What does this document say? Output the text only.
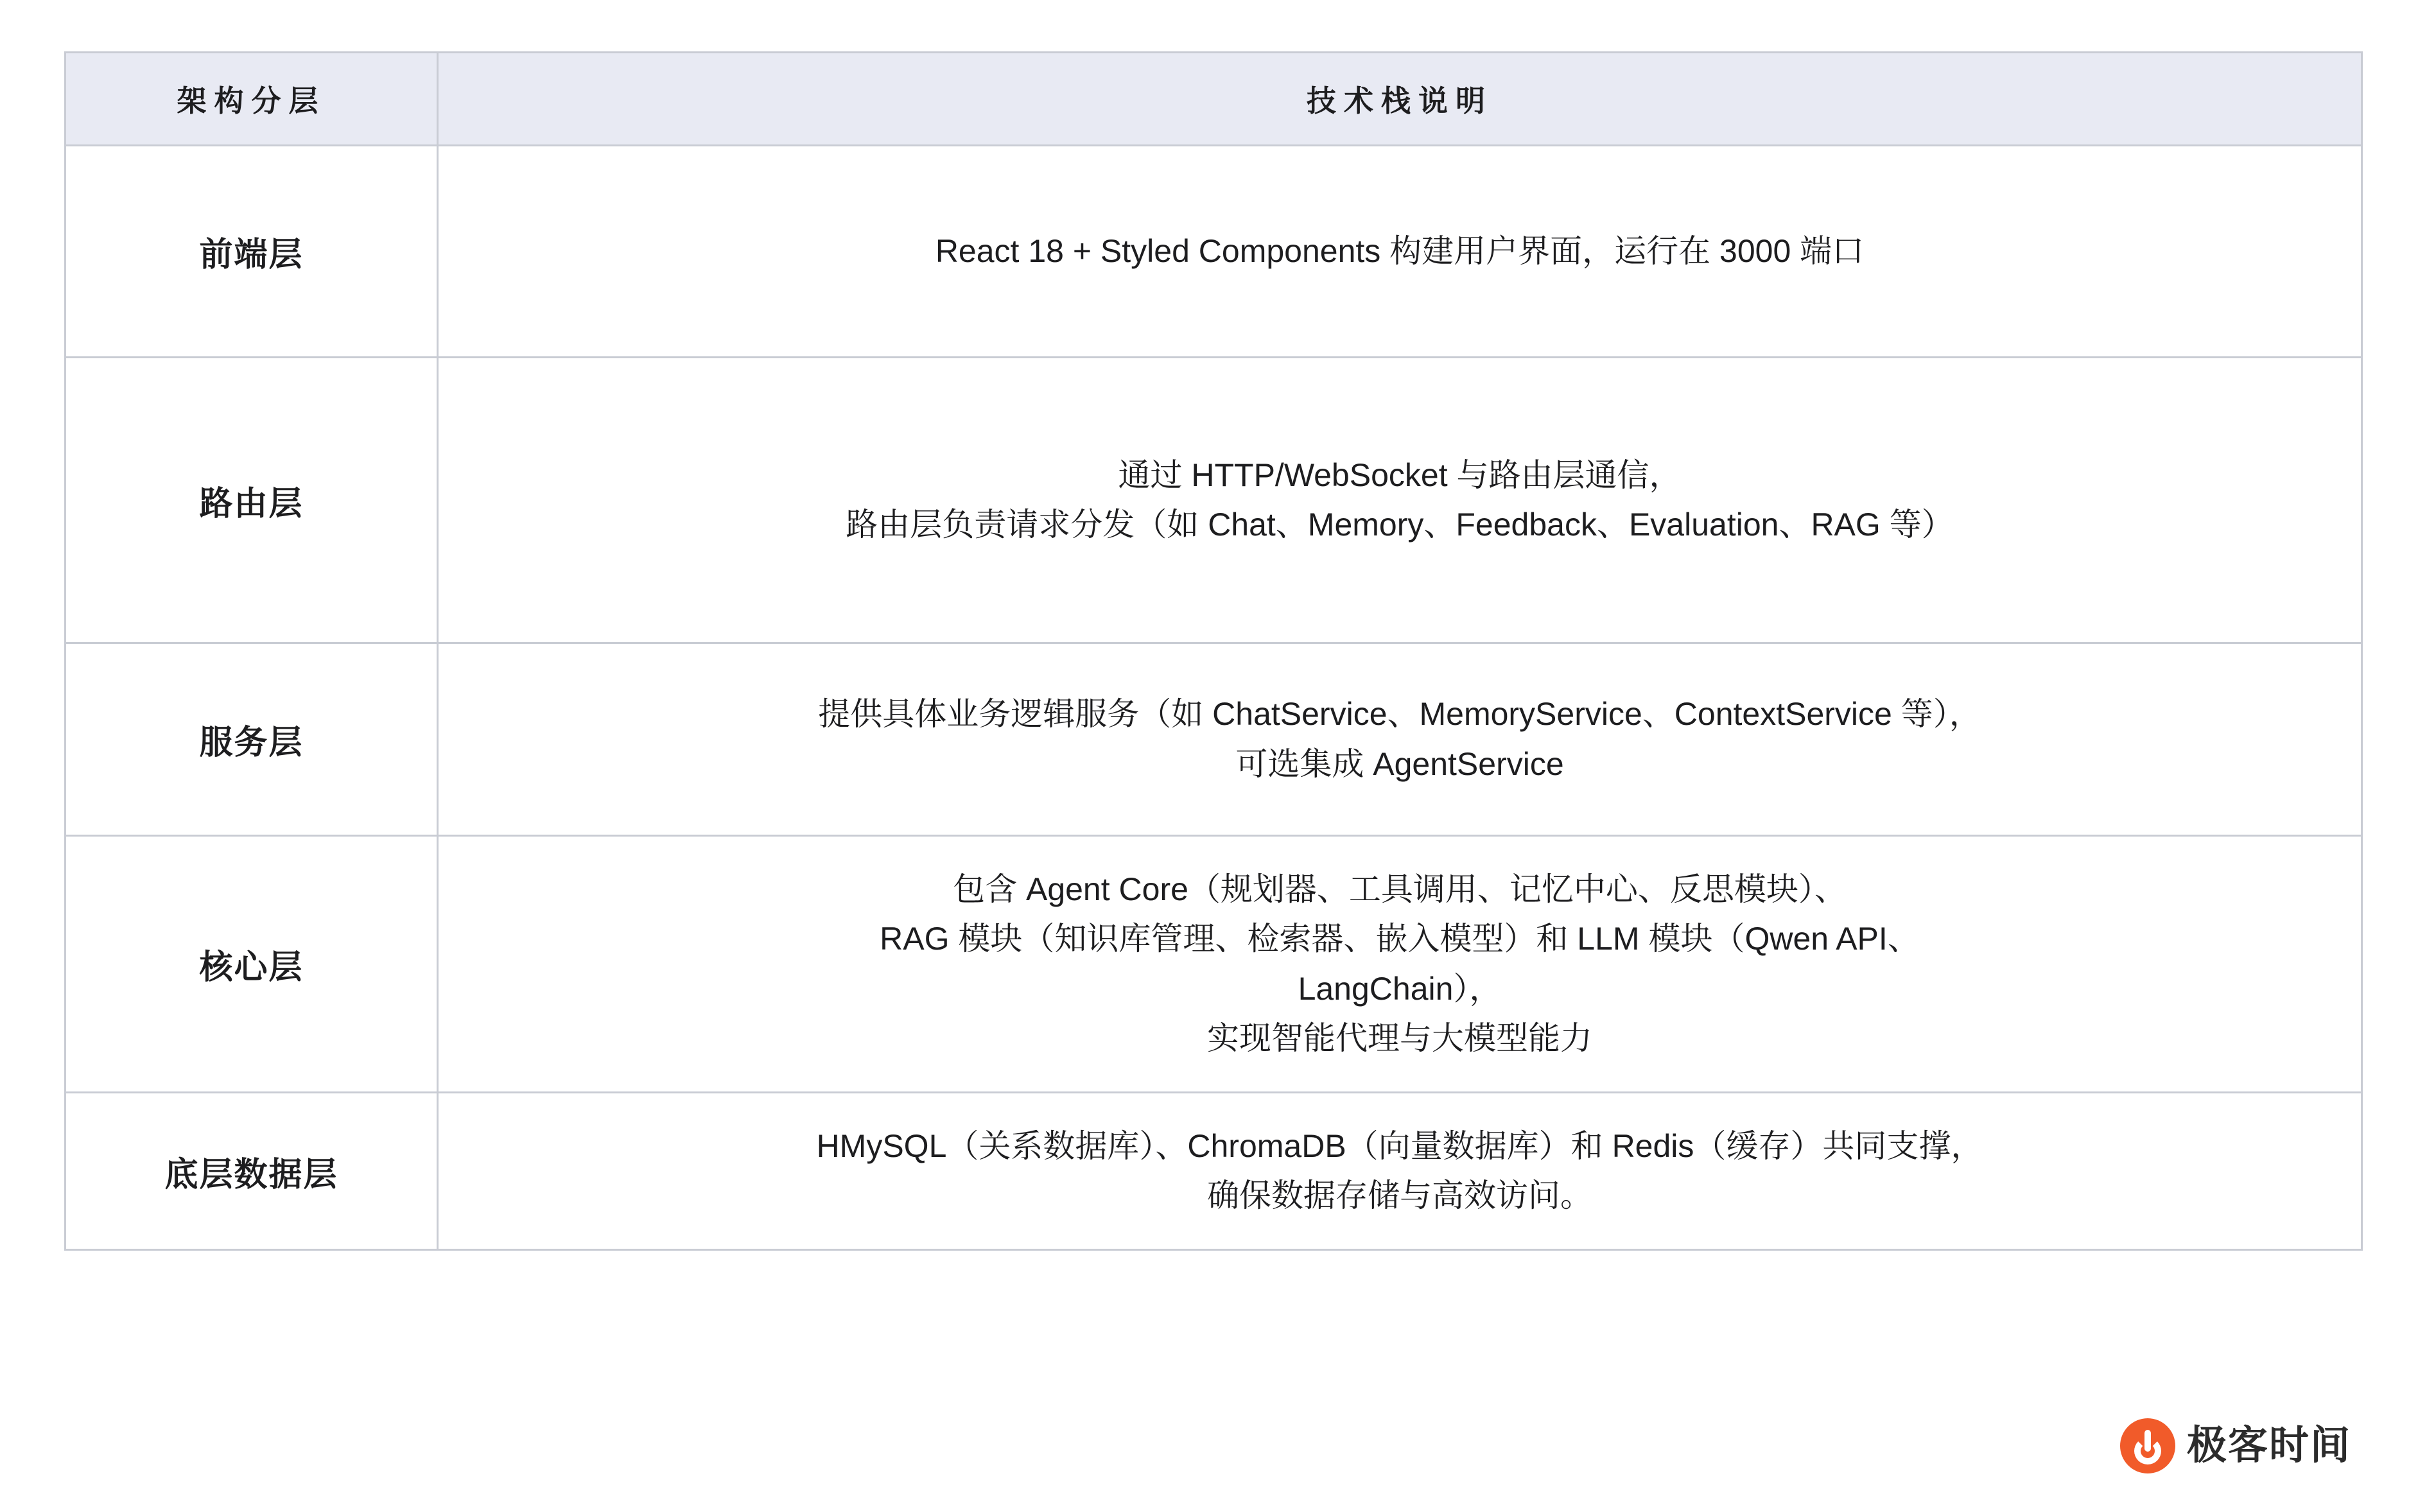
架构分层	技术栈说明
前端层	React 18 + Styled Components 构建用户界面，运行在 3000 端口

路由层	通过 HTTP/WebSocket 与路由层通信，
路由层负责请求分发（如 Chat、Memory、Feedback、Evaluation、RAG 等）

服务层	提供具体业务逻辑服务（如 ChatService、MemoryService、ContextService 等），
可选集成 AgentService

核心层	包含 Agent Core（规划器、工具调用、记忆中心、反思模块）、
RAG 模块（知识库管理、检索器、嵌入模型）和 LLM 模块（Qwen API、
LangChain），
实现智能代理与大模型能力

底层数据层	HMySQL（关系数据库）、ChromaDB（向量数据库）和 Redis（缓存）共同支撑，
确保数据存储与高效访问。
极客时间
